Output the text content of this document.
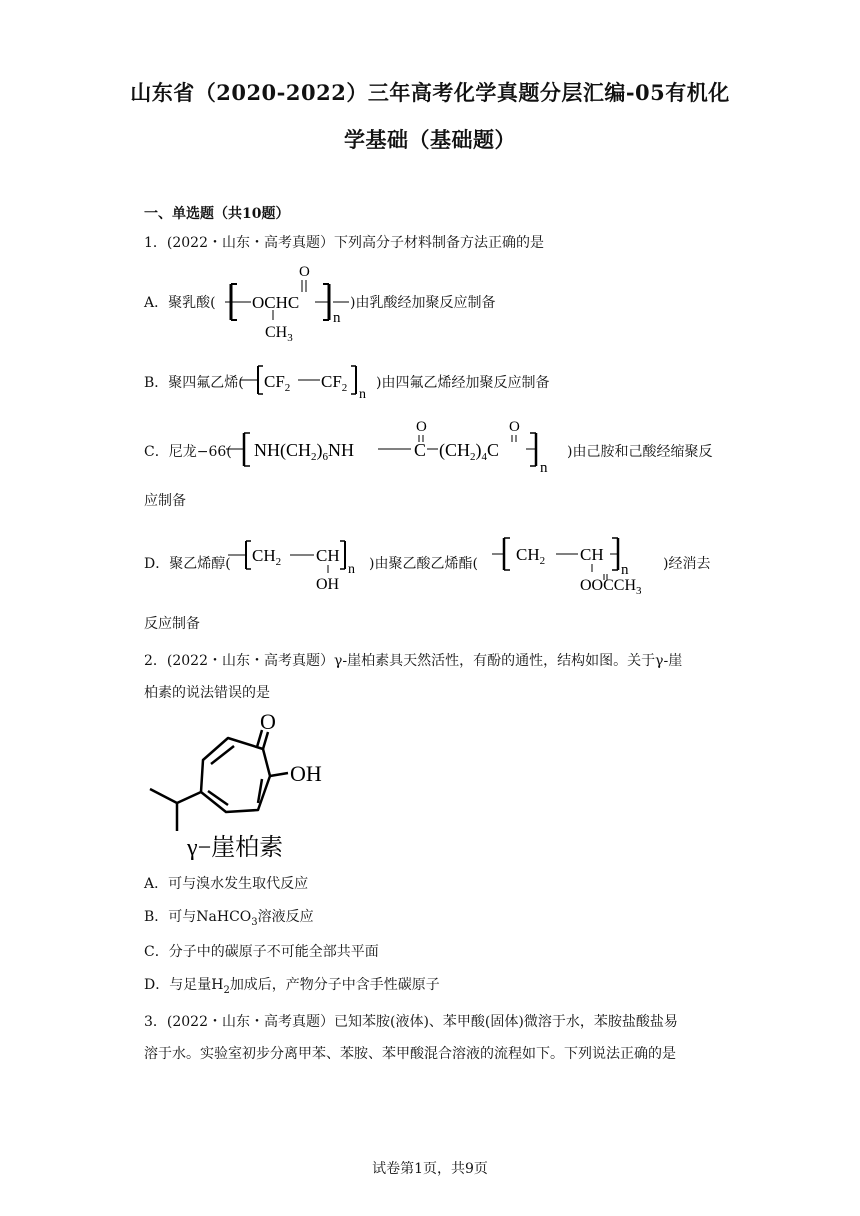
山东省（2020-2022）三年高考化学真题分层汇编-05有机化
学基础（基础题）
一、单选题（共10题）
1．(2022・山东・高考真题）下列高分子材料制备方法正确的是
A．聚乳酸( OCHC
O
$CH_3$
n
)由乳酸经加聚反应制备
B．聚四氟乙烯( $CF_2$ $CF_2$ n
)由四氟乙烯经加聚反应制备
C．尼龙−66( $NH(CH_2)_6NH$
O
C $(CH_2)_4C$
O
n
)由己胺和己酸经缩聚反
应制备
D．聚乙烯醇( $CH_2$ CH
OH
n )由聚乙酸乙烯酯( $CH_2$ CH
$OOCCH_3$
n )经消去
反应制备
2．(2022・山东・高考真题）γ-崖柏素具天然活性，有酚的通性，结构如图。关于γ-崖
柏素的说法错误的是
O
OH
γ−崖柏素
A．可与溴水发生取代反应
B．可与NaHCO$_3$溶液反应
C．分子中的碳原子不可能全部共平面
D．与足量$H_2$加成后，产物分子中含手性碳原子
3．(2022・山东・高考真题）已知苯胺(液体)、苯甲酸(固体)微溶于水，苯胺盐酸盐易
溶于水。实验室初步分离甲苯、苯胺、苯甲酸混合溶液的流程如下。下列说法正确的是
试卷第1页，共9页
